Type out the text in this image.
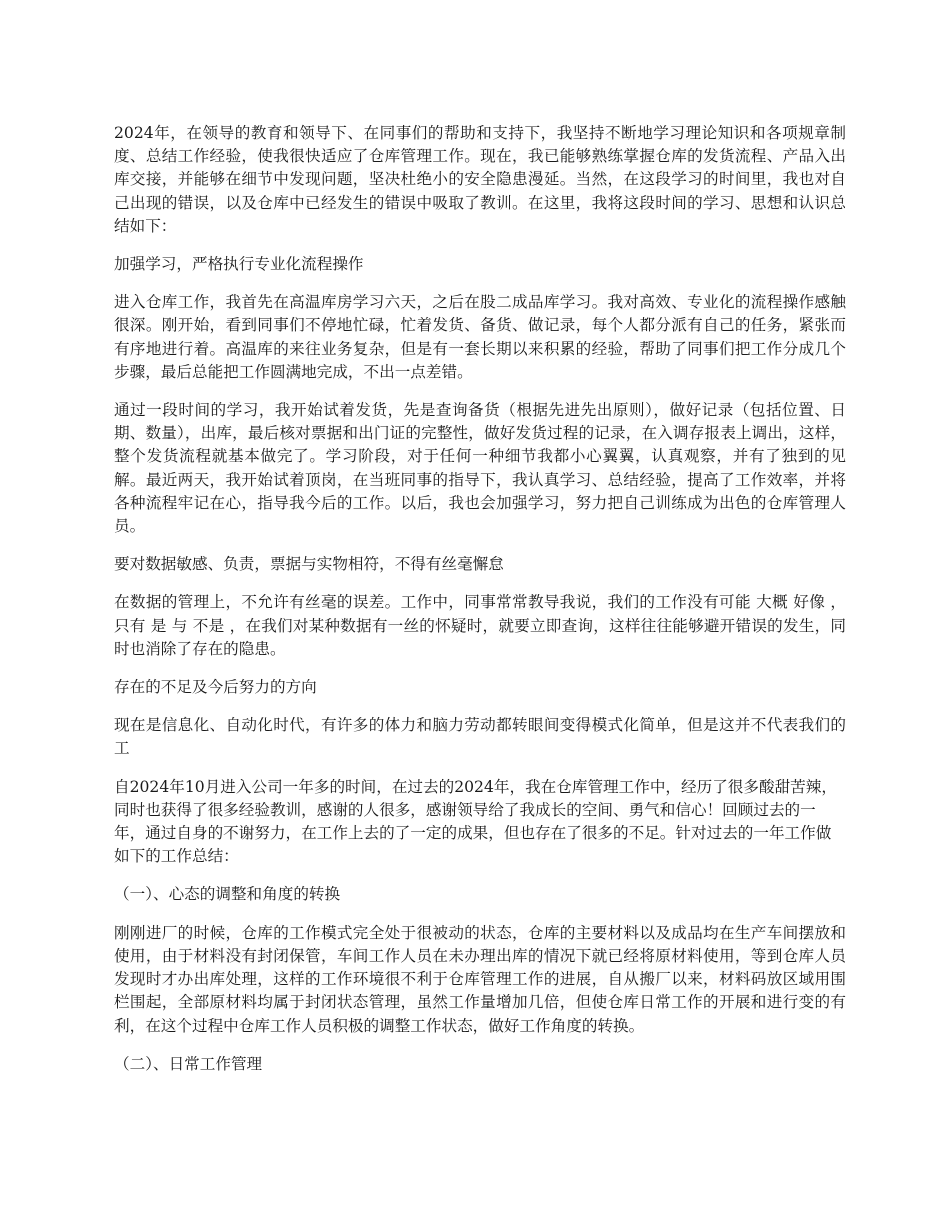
2024年，在领导的教育和领导下、在同事们的帮助和支持下，我坚持不断地学习理论知识和各项规章制度、总结工作经验，使我很快适应了仓库管理工作。现在，我已能够熟练掌握仓库的发货流程、产品入出库交接，并能够在细节中发现问题，坚决杜绝小的安全隐患漫延。当然，在这段学习的时间里，我也对自己出现的错误，以及仓库中已经发生的错误中吸取了教训。在这里，我将这段时间的学习、思想和认识总结如下：

加强学习，严格执行专业化流程操作

进入仓库工作，我首先在高温库房学习六天，之后在股二成品库学习。我对高效、专业化的流程操作感触很深。刚开始，看到同事们不停地忙碌，忙着发货、备货、做记录，每个人都分派有自己的任务，紧张而有序地进行着。高温库的来往业务复杂，但是有一套长期以来积累的经验，帮助了同事们把工作分成几个步骤，最后总能把工作圆满地完成，不出一点差错。

通过一段时间的学习，我开始试着发货，先是查询备货（根据先进先出原则），做好记录（包括位置、日期、数量），出库，最后核对票据和出门证的完整性，做好发货过程的记录，在入调存报表上调出，这样，整个发货流程就基本做完了。学习阶段，对于任何一种细节我都小心翼翼，认真观察，并有了独到的见解。最近两天，我开始试着顶岗，在当班同事的指导下，我认真学习、总结经验，提高了工作效率，并将各种流程牢记在心，指导我今后的工作。以后，我也会加强学习，努力把自己训练成为出色的仓库管理人员。

要对数据敏感、负责，票据与实物相符，不得有丝毫懈怠

在数据的管理上，不允许有丝毫的误差。工作中，同事常常教导我说，我们的工作没有可能 大概 好像 ，只有 是 与 不是 ，在我们对某种数据有一丝的怀疑时，就要立即查询，这样往往能够避开错误的发生，同时也消除了存在的隐患。

存在的不足及今后努力的方向

现在是信息化、自动化时代，有许多的体力和脑力劳动都转眼间变得模式化简单，但是这并不代表我们的工

自2024年10月进入公司一年多的时间，在过去的2024年，我在仓库管理工作中，经历了很多酸甜苦辣，同时也获得了很多经验教训，感谢的人很多，感谢领导给了我成长的空间、勇气和信心！回顾过去的一年，通过自身的不谢努力，在工作上去的了一定的成果，但也存在了很多的不足。针对过去的一年工作做如下的工作总结：

（一）、心态的调整和角度的转换

刚刚进厂的时候，仓库的工作模式完全处于很被动的状态，仓库的主要材料以及成品均在生产车间摆放和使用，由于材料没有封闭保管，车间工作人员在未办理出库的情况下就已经将原材料使用，等到仓库人员发现时才办出库处理，这样的工作环境很不利于仓库管理工作的进展，自从搬厂以来，材料码放区域用围栏围起，全部原材料均属于封闭状态管理，虽然工作量增加几倍，但使仓库日常工作的开展和进行变的有利，在这个过程中仓库工作人员积极的调整工作状态，做好工作角度的转换。

（二）、日常工作管理
